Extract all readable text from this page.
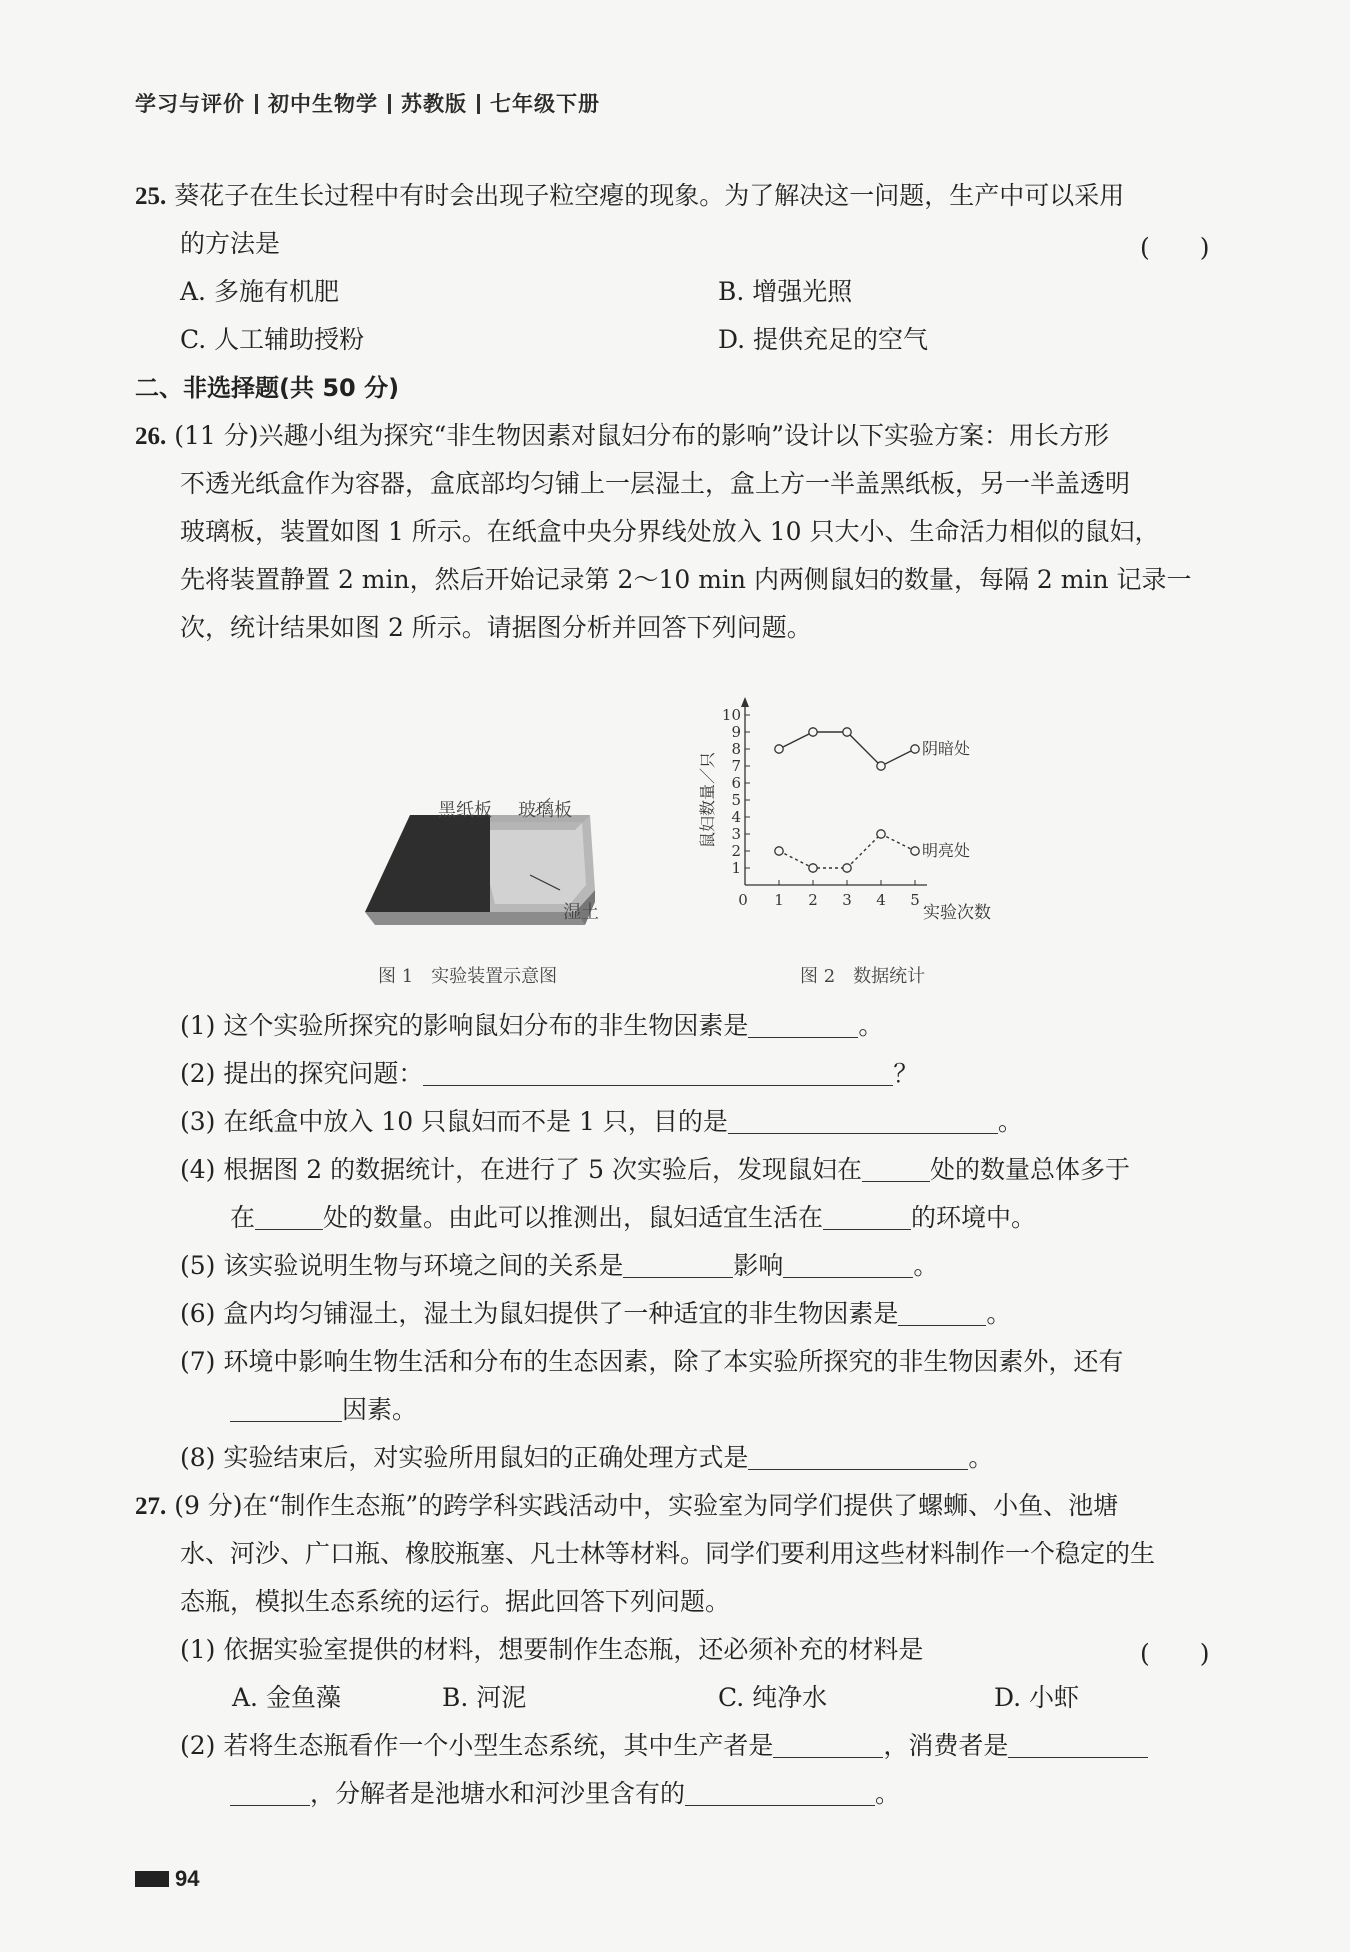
学习与评价 初中生物学 苏教版 七年级下册
25. 葵花子在生长过程中有时会出现子粒空瘪的现象。为了解决这一问题，生产中可以采用
的方法是	(　　)
A. 多施有机肥	B. 增强光照
C. 人工辅助授粉	D. 提供充足的空气
二、非选择题(共 50 分)
26. (11 分)兴趣小组为探究“非生物因素对鼠妇分布的影响”设计以下实验方案：用长方形
不透光纸盒作为容器，盒底部均匀铺上一层湿土，盒上方一半盖黑纸板，另一半盖透明
玻璃板，装置如图 1 所示。在纸盒中央分界线处放入 10 只大小、生命活力相似的鼠妇，
先将装置静置 2 min，然后开始记录第 2～10 min 内两侧鼠妇的数量，每隔 2 min 记录一
次，统计结果如图 2 所示。请据图分析并回答下列问题。
黑纸板 玻璃板
湿土
图 1　实验装置示意图
1
2
3
4
5
6
7
8
9
10
0 1 2 3 4 5
实验次数
鼠妇数量／只
阴暗处
明亮处
图 2　数据统计
(1) 这个实验所探究的影响鼠妇分布的非生物因素是	。
(2) 提出的探究问题：	？
(3) 在纸盒中放入 10 只鼠妇而不是 1 只，目的是	。
(4) 根据图 2 的数据统计，在进行了 5 次实验后，发现鼠妇在	处的数量总体多于
在	处的数量。由此可以推测出，鼠妇适宜生活在	的环境中。
(5) 该实验说明生物与环境之间的关系是	影响	。
(6) 盒内均匀铺湿土，湿土为鼠妇提供了一种适宜的非生物因素是	。
(7) 环境中影响生物生活和分布的生态因素，除了本实验所探究的非生物因素外，还有
因素。
(8) 实验结束后，对实验所用鼠妇的正确处理方式是	。
27. (9 分)在“制作生态瓶”的跨学科实践活动中，实验室为同学们提供了螺蛳、小鱼、池塘
水、河沙、广口瓶、橡胶瓶塞、凡士林等材料。同学们要利用这些材料制作一个稳定的生
态瓶，模拟生态系统的运行。据此回答下列问题。
(1) 依据实验室提供的材料，想要制作生态瓶，还必须补充的材料是	(　　)
A. 金鱼藻	B. 河泥	C. 纯净水	D. 小虾
(2) 若将生态瓶看作一个小型生态系统，其中生产者是	，消费者是
，分解者是池塘水和河沙里含有的	。
94
